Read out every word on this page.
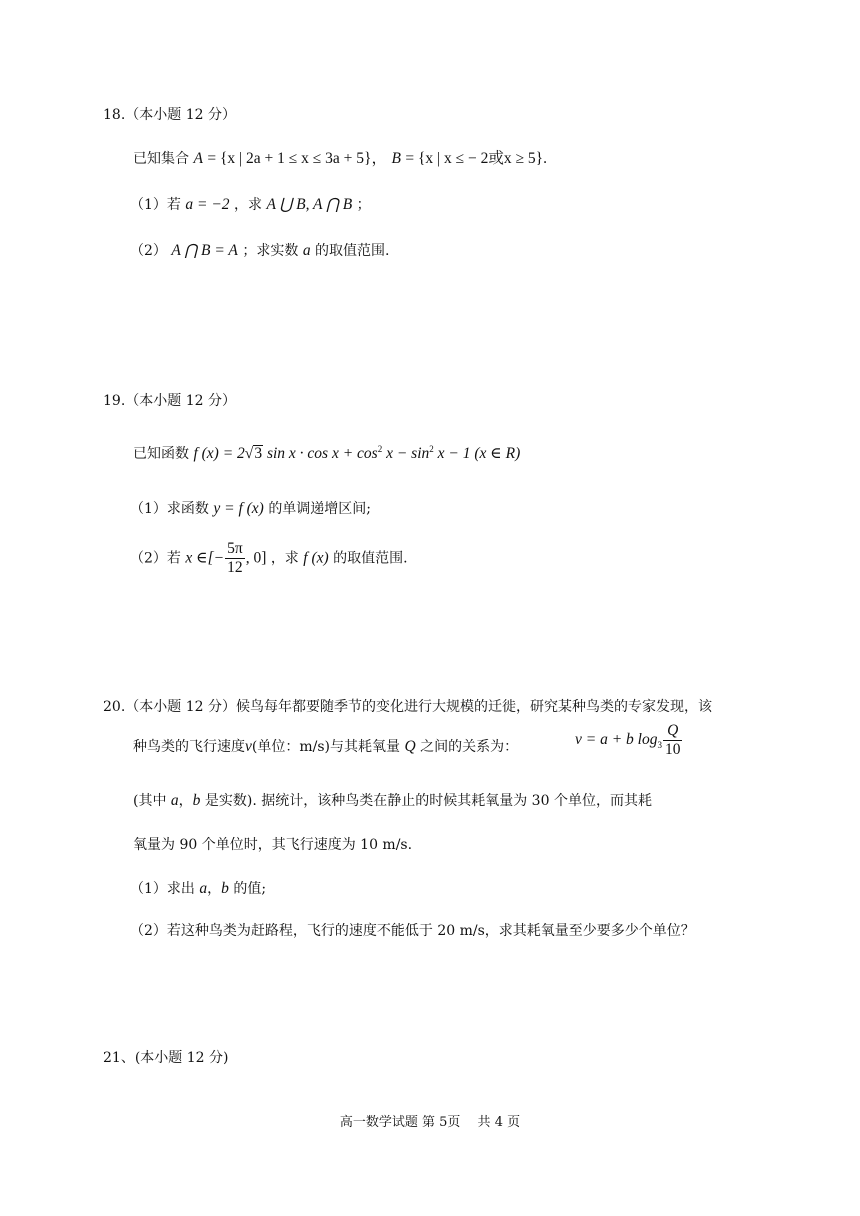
18.（本小题 12 分）
已知集合 A = {x | 2a + 1 ≤ x ≤ 3a + 5}， B = {x | x ≤ − 2或x ≥ 5}.
（1）若 a = −2 ，求 A ⋃ B, A ⋂ B ；
（2） A ⋂ B = A ；求实数 a 的取值范围.
19.（本小题 12 分）
已知函数 f (x) = 2√3 $\sin x \cdot \cos x + \cos^2 x - \sin^2 x - 1$ (x ∈ R)
（1）求函数 y = f (x) 的单调递增区间;
（2）若 x ∈[− $\frac{5\pi}{12}$ , 0] ，求 f (x) 的取值范围.
20.（本小题 12 分）候鸟每年都要随季节的变化进行大规模的迁徙，研究某种鸟类的专家发现，该
种鸟类的飞行速度v(单位：m/s)与其耗氧量 Q 之间的关系为：	v = a + b $\log_3 \frac{Q}{10}$
(其中 a，b 是实数). 据统计，该种鸟类在静止的时候其耗氧量为 30 个单位，而其耗
氧量为 90 个单位时，其飞行速度为 10 m/s.
（1）求出 a，b 的值;
（2）若这种鸟类为赶路程，飞行的速度不能低于 20 m/s，求其耗氧量至少要多少个单位？
21、(本小题 12 分)
高一数学试题 第 5页　 共 4 页
